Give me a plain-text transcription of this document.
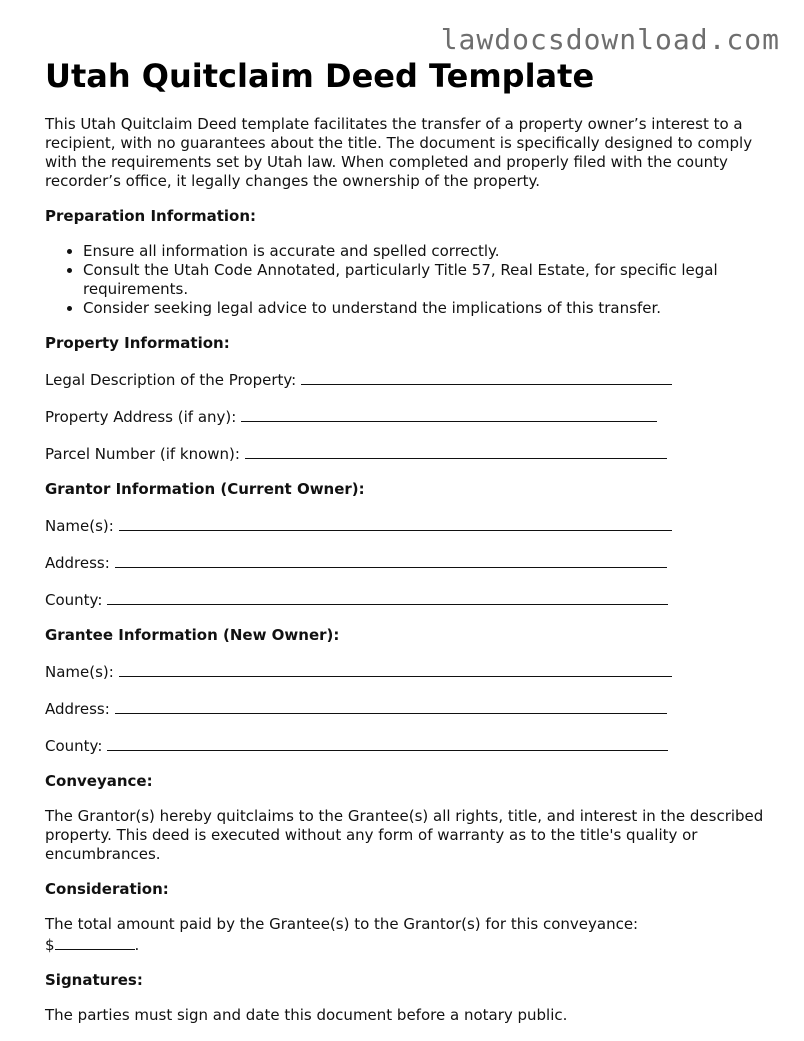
lawdocsdownload.com
Utah Quitclaim Deed Template

This Utah Quitclaim Deed template facilitates the transfer of a property owner’s interest to a recipient, with no guarantees about the title. The document is specifically designed to comply with the requirements set by Utah law. When completed and properly filed with the county recorder’s office, it legally changes the ownership of the property.

Preparation Information:
• Ensure all information is accurate and spelled correctly.
• Consult the Utah Code Annotated, particularly Title 57, Real Estate, for specific legal requirements.
• Consider seeking legal advice to understand the implications of this transfer.
Property Information:
Legal Description of the Property:
Property Address (if any):
Parcel Number (if known):
Grantor Information (Current Owner):
Name(s):
Address:
County:
Grantee Information (New Owner):
Name(s):
Address:
County:
Conveyance:

The Grantor(s) hereby quitclaims to the Grantee(s) all rights, title, and interest in the described property. This deed is executed without any form of warranty as to the title's quality or encumbrances.

Consideration:

The total amount paid by the Grantee(s) to the Grantor(s) for this conveyance:
$	.

Signatures:

The parties must sign and date this document before a notary public.
